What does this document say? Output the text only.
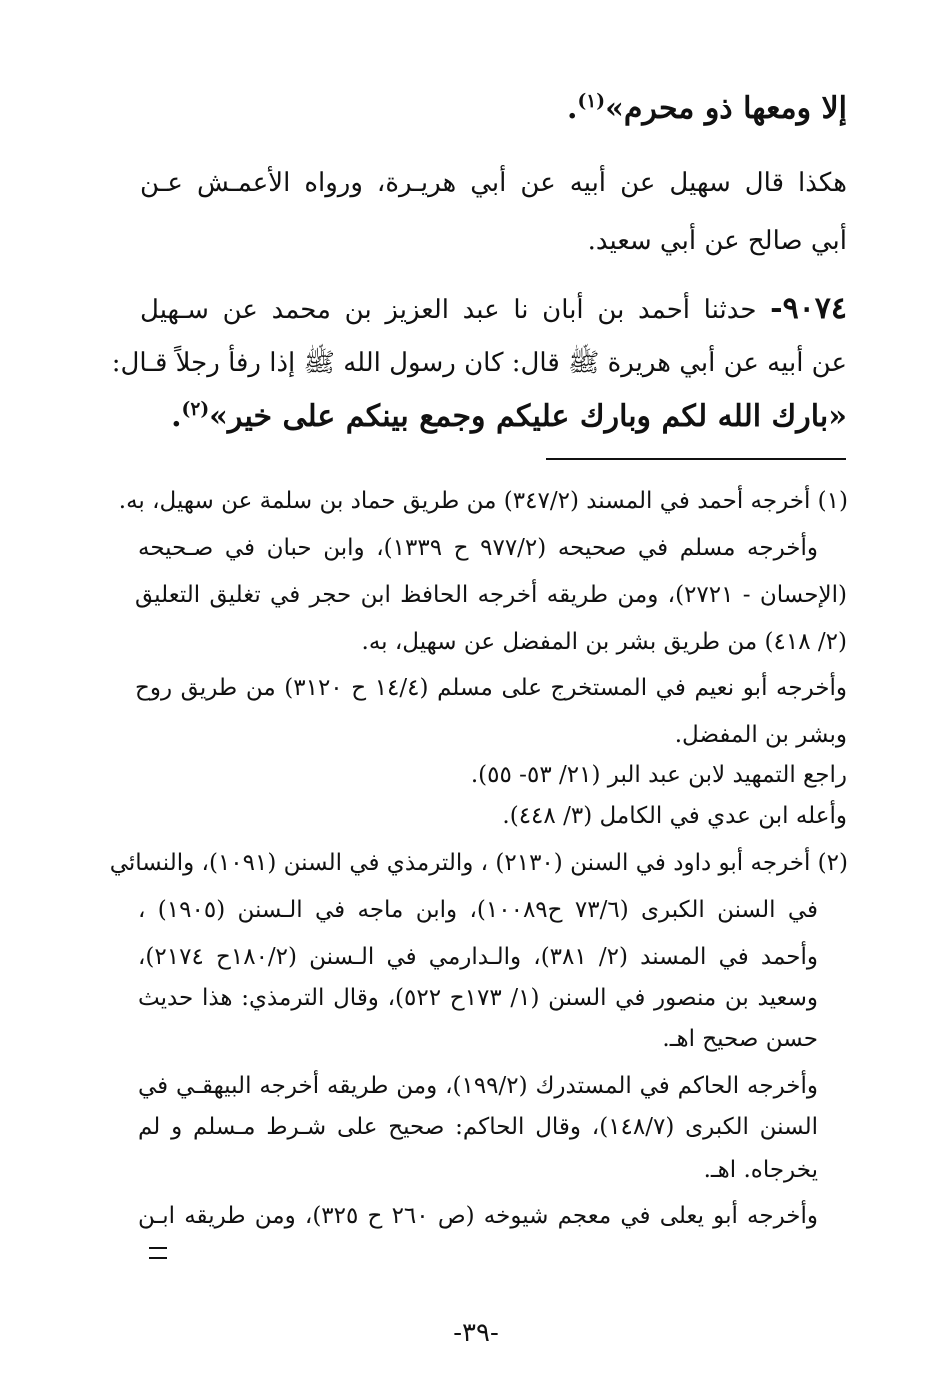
إلا ومعها ذو محرم»$^{(١)}$.
هكذا قال سهيل عن أبيه عن أبي هريـرة، ورواه الأعمـش عـن
أبي صالح عن أبي سعيد.
٩٠٧٤- حدثنا أحمد بن أبان نا عبد العزيز بن محمد عن سـهيل
عن أبيه عن أبي هريرة ﷺ قال: كان رسول الله ﷺ إذا رفأ رجلاً قـال:
«بارك الله لكم وبارك عليكم وجمع بينكم على خير»$^{(٢)}$.
(١) أخرجه أحمد في المسند (٣٤٧/٢) من طريق حماد بن سلمة عن سهيل، به.
وأخرجه مسلم في صحيحه (٩٧٧/٢ ح ١٣٣٩)، وابن حبان في صـحيحه
(الإحسان - ٢٧٢١)، ومن طريقه أخرجه الحافظ ابن حجر في تغليق التعليق
(٢/ ٤١٨) من طريق بشر بن المفضل عن سهيل، به.
وأخرجه أبو نعيم في المستخرج على مسلم (١٤/٤ ح ٣١٢٠) من طريق روح
وبشر بن المفضل.
راجع التمهيد لابن عبد البر (٢١/ ٥٣- ٥٥).
وأعله ابن عدي في الكامل (٣/ ٤٤٨).
(٢) أخرجه أبو داود في السنن (٢١٣٠) ، والترمذي في السنن (١٠٩١)، والنسائي
في السنن الكبرى (٧٣/٦ ح١٠٠٨٩)، وابن ماجه في الـسنن (١٩٠٥) ،
وأحمد في المسند (٢/ ٣٨١)، والـدارمي في الـسنن (١٨٠/٢ح ٢١٧٤)،
وسعيد بن منصور في السنن (١/ ١٧٣ح ٥٢٢)، وقال الترمذي: هذا حديث
حسن صحيح اهـ.
وأخرجه الحاكم في المستدرك (١٩٩/٢)، ومن طريقه أخرجه البيهقـي في
السنن الكبرى (١٤٨/٧)، وقال الحاكم: صحيح على شـرط مـسلم و لم
يخرجاه. اهـ.
وأخرجه أبو يعلى في معجم شيوخه (ص ٢٦٠ ح ٣٢٥)، ومن طريقه ابـن
-٣٩-
